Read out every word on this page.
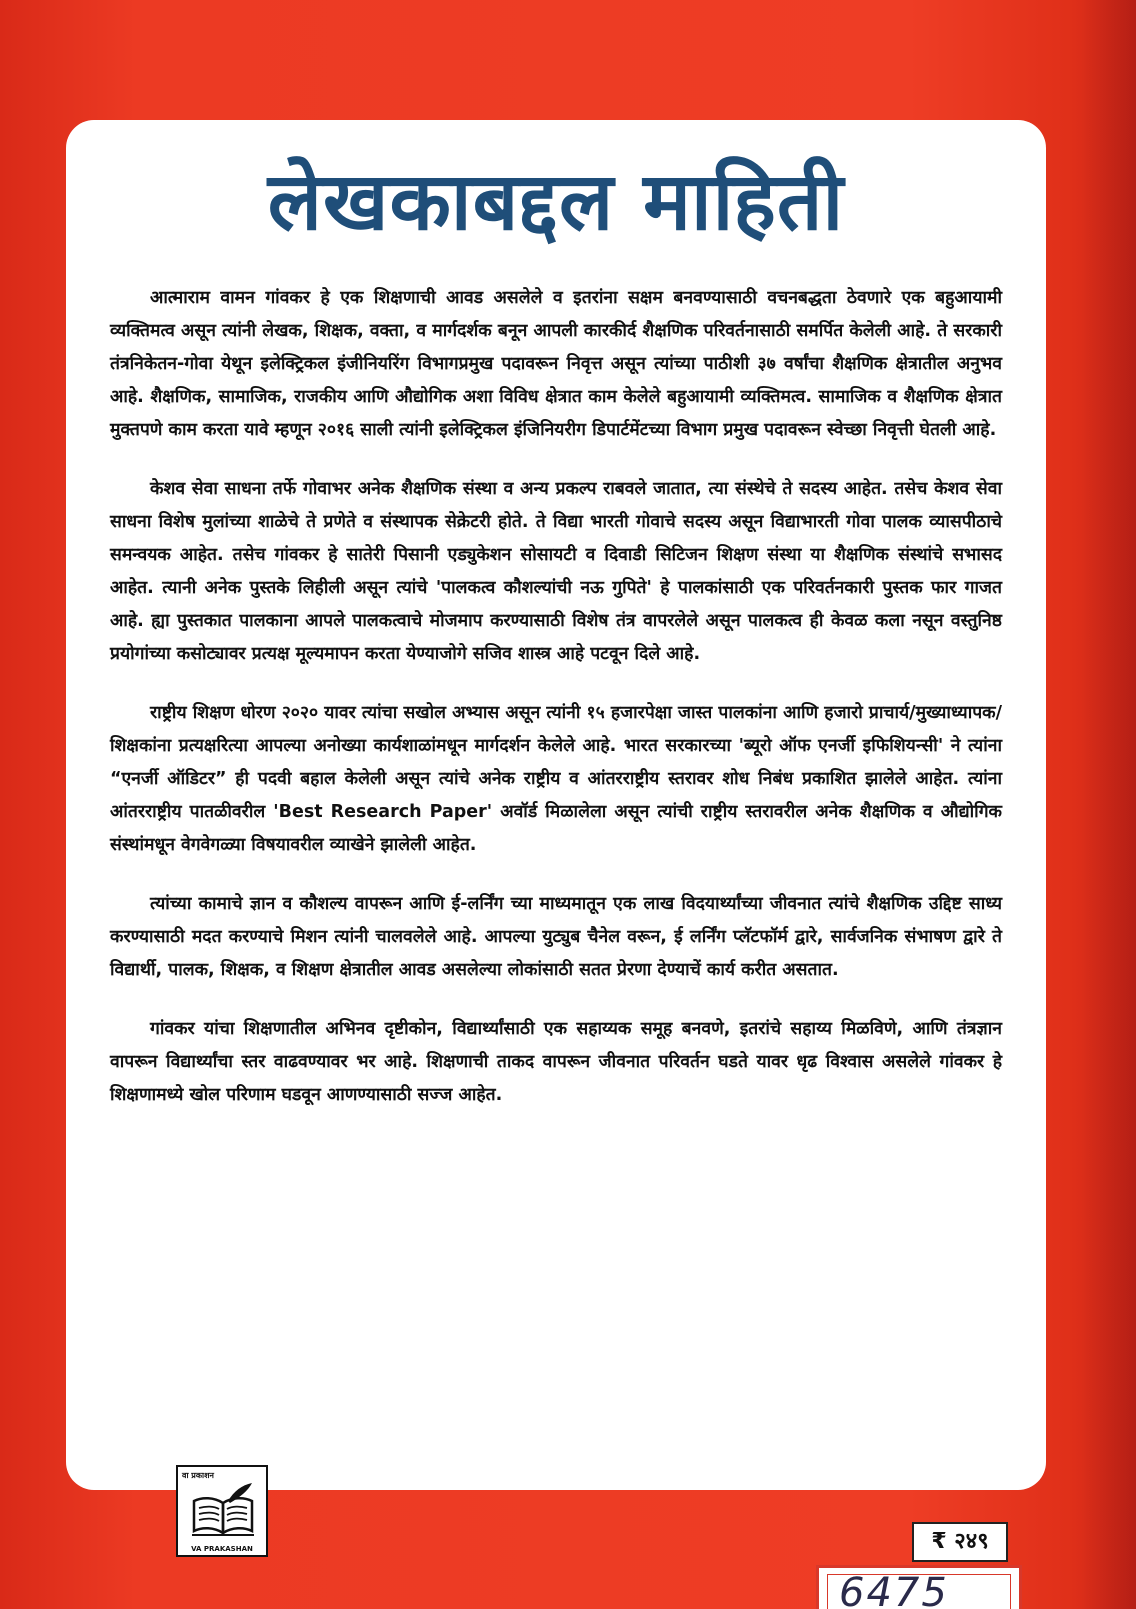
लेखकाबद्दल माहिती

आत्माराम वामन गांवकर हे एक शिक्षणाची आवड असलेले व इतरांना सक्षम बनवण्यासाठी वचनबद्धता ठेवणारे एक बहुआयामी व्यक्तिमत्व असून त्यांनी लेखक, शिक्षक, वक्ता, व मार्गदर्शक बनून आपली कारकीर्द शैक्षणिक परिवर्तनासाठी समर्पित केलेली आहे. ते सरकारी तंत्रनिकेतन-गोवा येथून इलेक्ट्रिकल इंजीनियरिंग विभागप्रमुख पदावरून निवृत्त असून त्यांच्या पाठीशी ३७ वर्षांचा शैक्षणिक क्षेत्रातील अनुभव आहे. शैक्षणिक, सामाजिक, राजकीय आणि औद्योगिक अशा विविध क्षेत्रात काम केलेले बहुआयामी व्यक्तिमत्व. सामाजिक व शैक्षणिक क्षेत्रात मुक्तपणे काम करता यावे म्हणून २०१६ साली त्यांनी इलेक्ट्रिकल इंजिनियरीग डिपार्टमेंटच्या विभाग प्रमुख पदावरून स्वेच्छा निवृत्ती घेतली आहे.

केशव सेवा साधना तर्फे गोवाभर अनेक शैक्षणिक संस्था व अन्य प्रकल्प राबवले जातात, त्या संस्थेचे ते सदस्य आहेत. तसेच केशव सेवा साधना विशेष मुलांच्या शाळेचे ते प्रणेते व संस्थापक सेक्रेटरी होते. ते विद्या भारती गोवाचे सदस्य असून विद्याभारती गोवा पालक व्यासपीठाचे समन्वयक आहेत. तसेच गांवकर हे सातेरी पिसानी एड्युकेशन सोसायटी व दिवाडी सिटिजन शिक्षण संस्था या शैक्षणिक संस्थांचे सभासद आहेत. त्यानी अनेक पुस्तके लिहीली असून त्यांचे 'पालकत्व कौशल्यांची नऊ गुपिते' हे पालकांसाठी एक परिवर्तनकारी पुस्तक फार गाजत आहे. ह्या पुस्तकात पालकाना आपले पालकत्वाचे मोजमाप करण्यासाठी विशेष तंत्र वापरलेले असून पालकत्व ही केवळ कला नसून वस्तुनिष्ठ प्रयोगांच्या कसोट्यावर प्रत्यक्ष मूल्यमापन करता येण्याजोगे सजिव शास्त्र आहे पटवून दिले आहे.

राष्ट्रीय शिक्षण धोरण २०२० यावर त्यांचा सखोल अभ्यास असून त्यांनी १५ हजारपेक्षा जास्त पालकांना आणि हजारो प्राचार्य/मुख्याध्यापक/शिक्षकांना प्रत्यक्षरित्या आपल्या अनोख्या कार्यशाळांमधून मार्गदर्शन केलेले आहे. भारत सरकारच्या 'ब्यूरो ऑफ एनर्जी इफिशियन्सी' ने त्यांना “एनर्जी ऑडिटर” ही पदवी बहाल केलेली असून त्यांचे अनेक राष्ट्रीय व आंतरराष्ट्रीय स्तरावर शोध निबंध प्रकाशित झालेले आहेत. त्यांना आंतरराष्ट्रीय पातळीवरील 'Best Research Paper' अवॉर्ड मिळालेला असून त्यांची राष्ट्रीय स्तरावरील अनेक शैक्षणिक व औद्योगिक संस्थांमधून वेगवेगळ्या विषयावरील व्याखेने झालेली आहेत.

त्यांच्या कामाचे ज्ञान व कौशल्य वापरून आणि ई-लर्निंग च्या माध्यमातून एक लाख विदयार्थ्यांच्या जीवनात त्यांचे शैक्षणिक उद्दिष्ट साध्य करण्यासाठी मदत करण्याचे मिशन त्यांनी चालवलेले आहे. आपल्या युट्युब चैनेल वरून, ई लर्निंग प्लॅटफॉर्म द्वारे, सार्वजनिक संभाषण द्वारे ते विद्यार्थी, पालक, शिक्षक, व शिक्षण क्षेत्रातील आवड असलेल्या लोकांसाठी सतत प्रेरणा देण्याचें कार्य करीत असतात.

गांवकर यांचा शिक्षणातील अभिनव दृष्टीकोन, विद्यार्थ्यांसाठी एक सहाय्यक समूह बनवणे, इतरांचे सहाय्य मिळविणे, आणि तंत्रज्ञान वापरून विद्यार्थ्यांचा स्तर वाढवण्यावर भर आहे. शिक्षणाची ताकद वापरून जीवनात परिवर्तन घडते यावर धृढ विश्वास असलेले गांवकर हे शिक्षणामध्ये खोल परिणाम घडवून आणण्यासाठी सज्ज आहेत.

वा प्रकाशन
VA PRAKASHAN	₹ २४९
6475
